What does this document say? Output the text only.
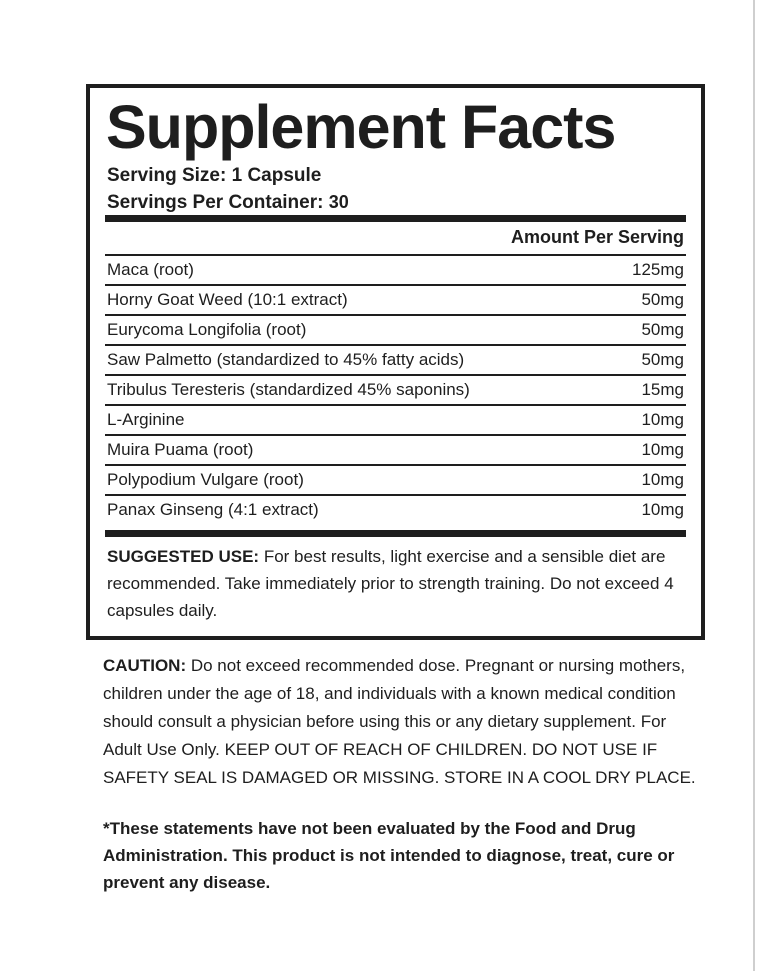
Supplement Facts
Serving Size: 1 Capsule
Servings Per Container: 30
Amount Per Serving
Maca (root)	125mg
Horny Goat Weed (10:1 extract)	50mg
Eurycoma Longifolia (root)	50mg
Saw Palmetto (standardized to 45% fatty acids)	50mg
Tribulus Teresteris (standardized 45% saponins)	15mg
L-Arginine	10mg
Muira Puama (root)	10mg
Polypodium Vulgare (root)	10mg
Panax Ginseng (4:1 extract)	10mg
SUGGESTED USE: For best results, light exercise and a sensible diet are recommended. Take immediately prior to strength training. Do not exceed 4 capsules daily.
CAUTION: Do not exceed recommended dose. Pregnant or nursing mothers, children under the age of 18, and individuals with a known medical condition should consult a physician before using this or any dietary supplement. For Adult Use Only. KEEP OUT OF REACH OF CHILDREN. DO NOT USE IF SAFETY SEAL IS DAMAGED OR MISSING. STORE IN A COOL DRY PLACE.
*These statements have not been evaluated by the Food and Drug Administration. This product is not intended to diagnose, treat, cure or prevent any disease.
